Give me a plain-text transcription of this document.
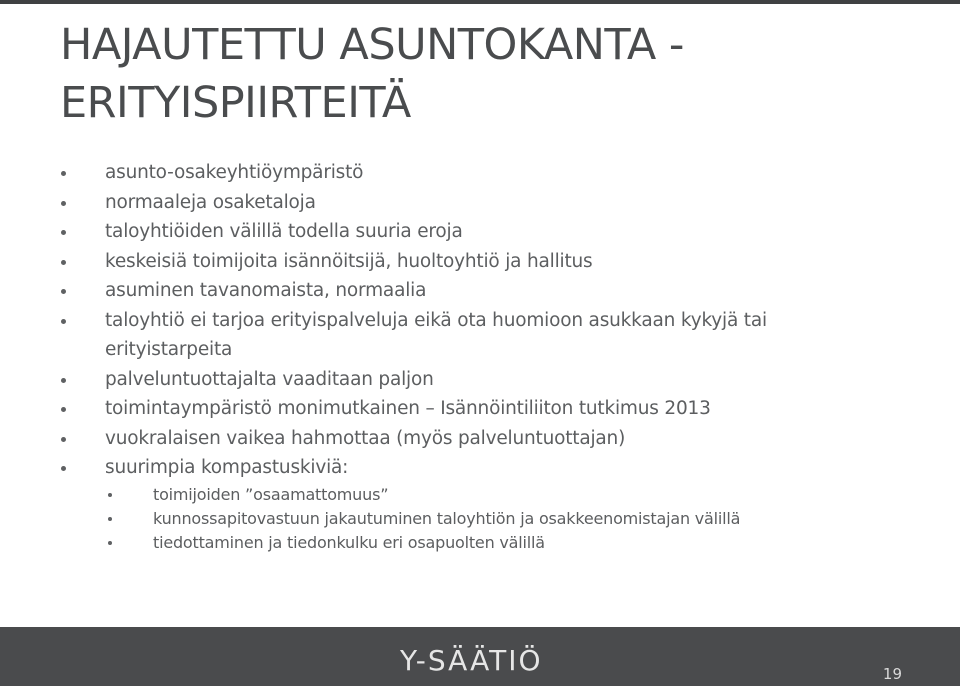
HAJAUTETTU ASUNTOKANTA -
ERITYISPIIRTEITÄ
asunto-osakeyhtiöympäristö
normaaleja osaketaloja
taloyhtiöiden välillä todella suuria eroja
keskeisiä toimijoita isännöitsijä, huoltoyhtiö ja hallitus
asuminen tavanomaista, normaalia
taloyhtiö ei tarjoa erityispalveluja eikä ota huomioon asukkaan kykyjä tai
erityistarpeita
palveluntuottajalta vaaditaan paljon
toimintaympäristö monimutkainen – Isännöintiliiton tutkimus 2013
vuokralaisen vaikea hahmottaa (myös palveluntuottajan)
suurimpia kompastuskiviä:
toimijoiden ”osaamattomuus”
kunnossapitovastuun jakautuminen taloyhtiön ja osakkeenomistajan välillä
tiedottaminen ja tiedonkulku eri osapuolten välillä
Y-SÄÄTIÖ	19
